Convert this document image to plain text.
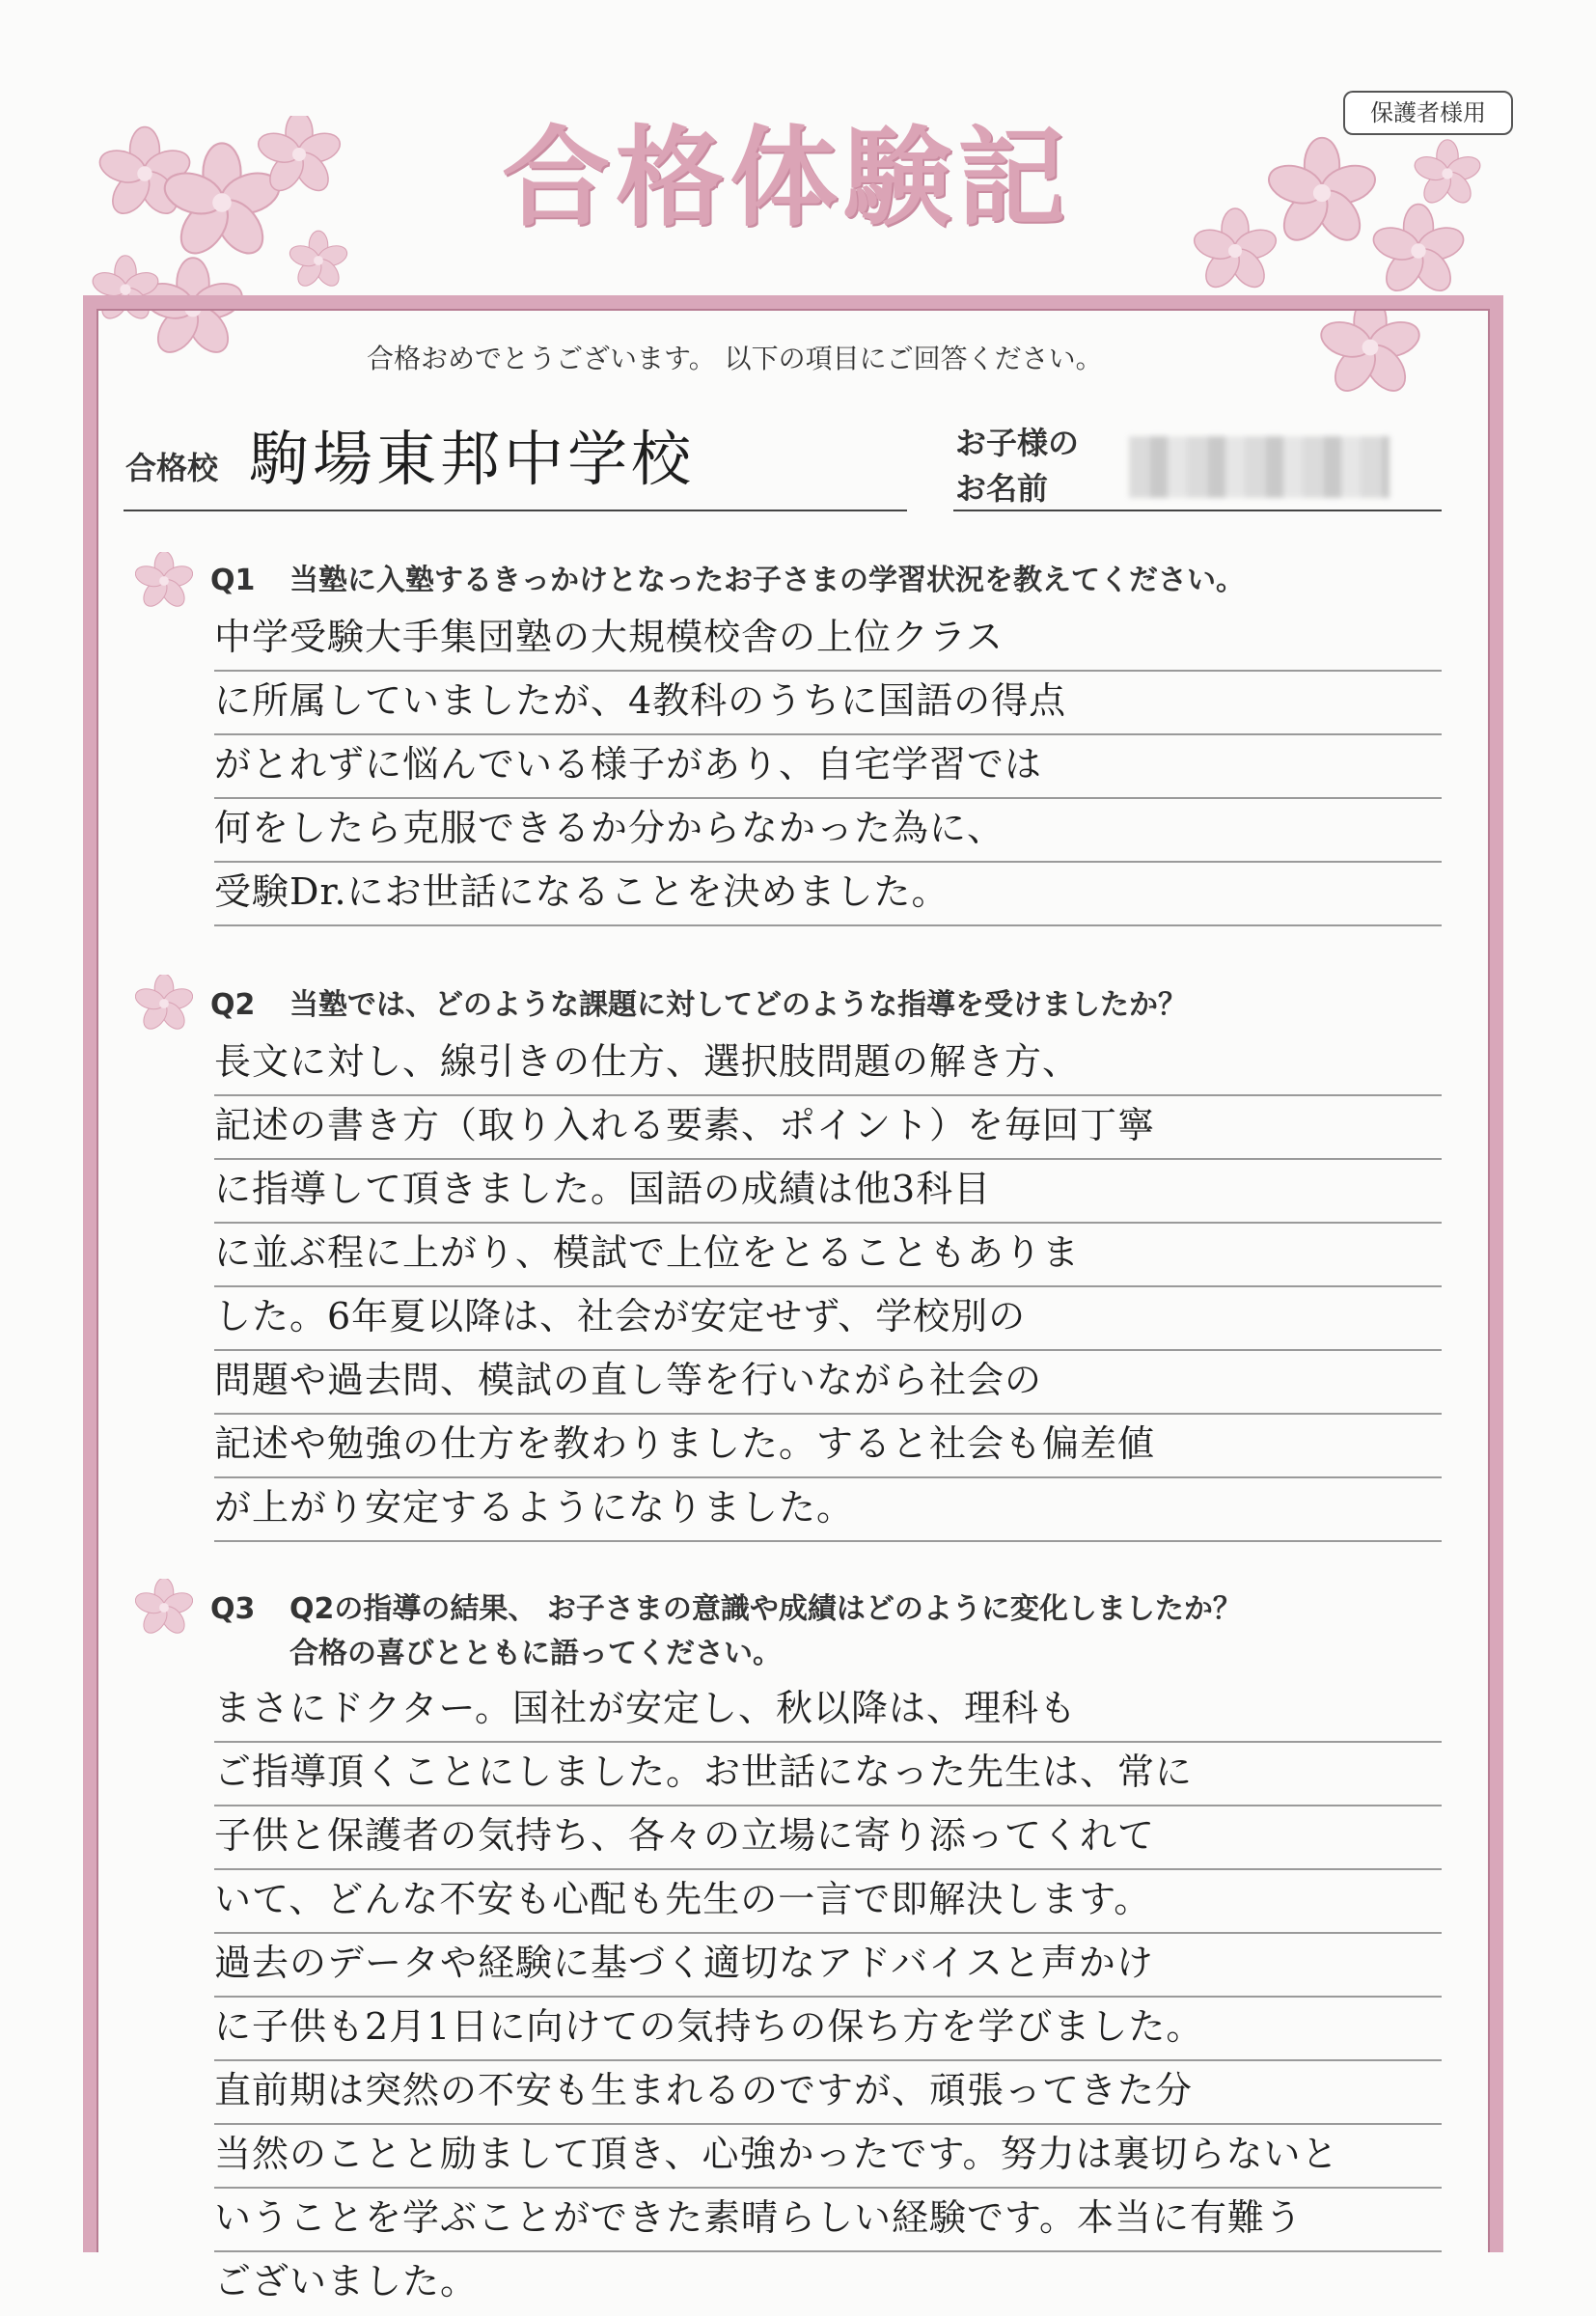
保護者様用
合格体験記
合格おめでとうございます。 以下の項目にご回答ください。
合格校 駒場東邦中学校	お子様の
お名前
Q1 当塾に入塾するきっかけとなったお子さまの学習状況を教えてください。
中学受験大手集団塾の大規模校舎の上位クラス
に所属していましたが、4教科のうちに国語の得点
がとれずに悩んでいる様子があり、自宅学習では
何をしたら克服できるか分からなかった為に、
受験Dr.にお世話になることを決めました。
Q2 当塾では、どのような課題に対してどのような指導を受けましたか？
長文に対し、線引きの仕方、選択肢問題の解き方、
記述の書き方（取り入れる要素、ポイント）を毎回丁寧
に指導して頂きました。国語の成績は他3科目
に並ぶ程に上がり、模試で上位をとることもありま
した。6年夏以降は、社会が安定せず、学校別の
問題や過去問、模試の直し等を行いながら社会の
記述や勉強の仕方を教わりました。すると社会も偏差値
が上がり安定するようになりました。
Q3 Q2の指導の結果、 お子さまの意識や成績はどのように変化しましたか？
合格の喜びとともに語ってください。
まさにドクター。国社が安定し、秋以降は、理科も
ご指導頂くことにしました。お世話になった先生は、常に
子供と保護者の気持ち、各々の立場に寄り添ってくれて
いて、どんな不安も心配も先生の一言で即解決します。
過去のデータや経験に基づく適切なアドバイスと声かけ
に子供も2月1日に向けての気持ちの保ち方を学びました。
直前期は突然の不安も生まれるのですが、頑張ってきた分
当然のことと励まして頂き、心強かったです。努力は裏切らないと
いうことを学ぶことができた素晴らしい経験です。本当に有難う
ございました。
